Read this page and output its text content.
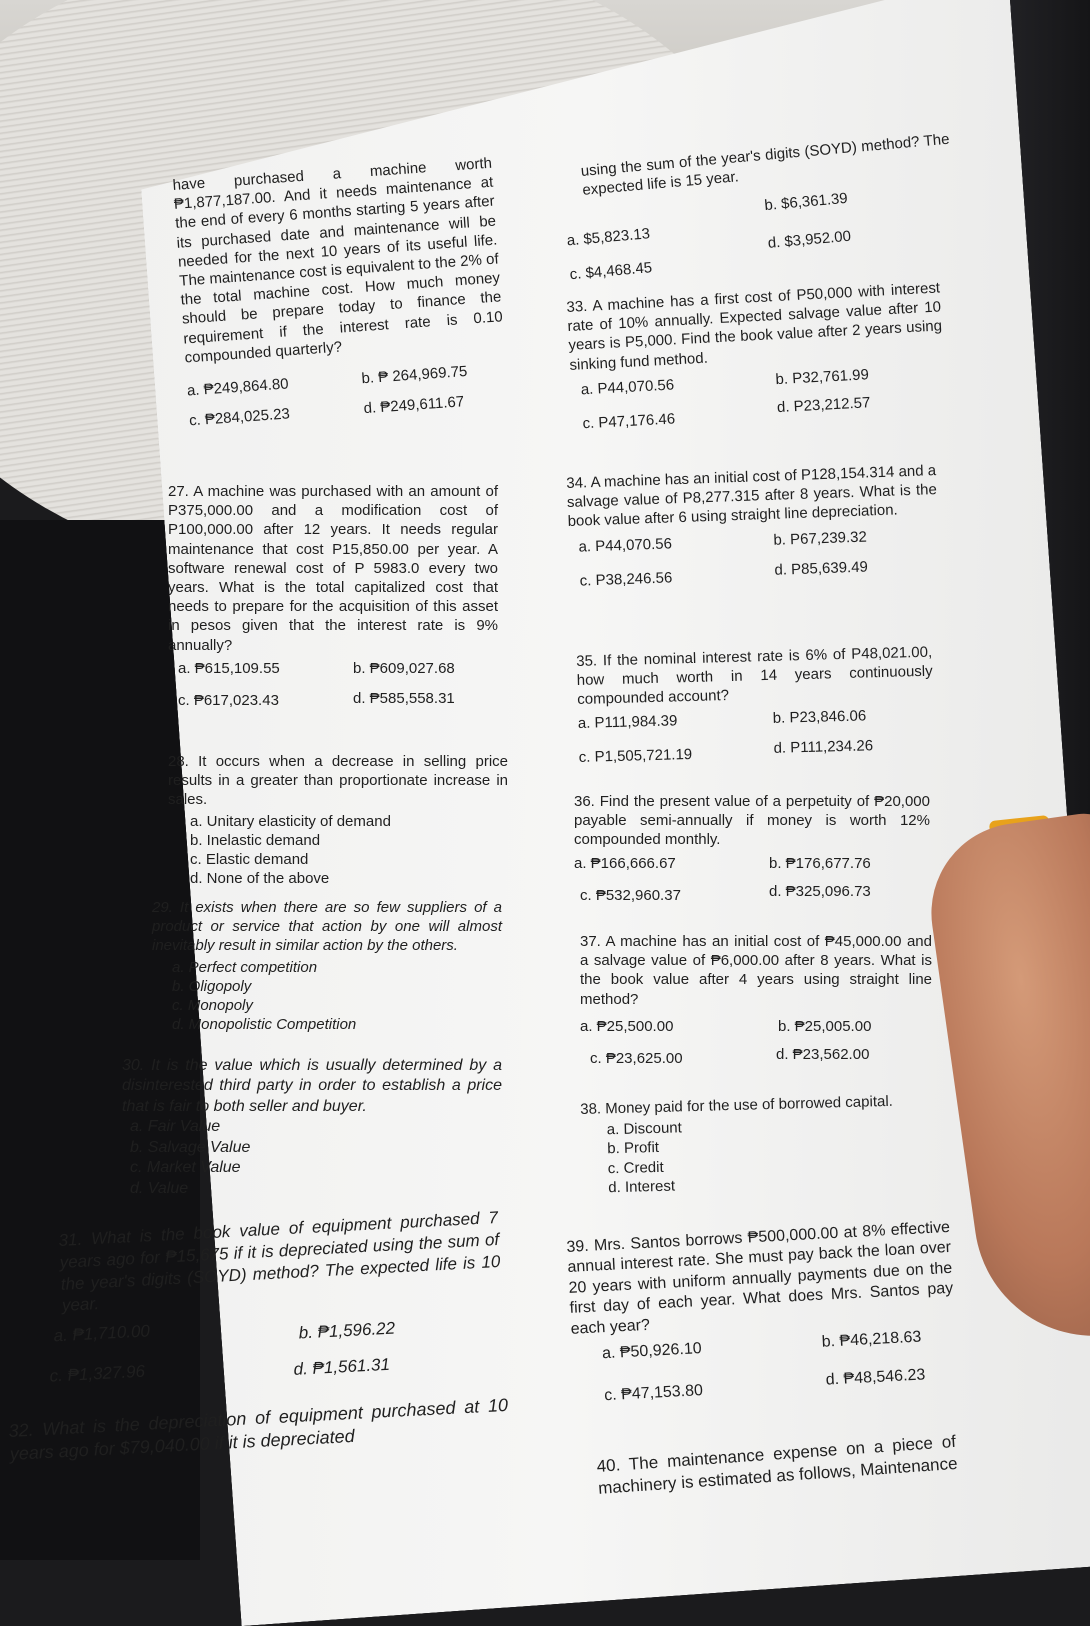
have purchased a machine worth ₱1,877,187.00. And it needs maintenance at the end of every 6 months starting 5 years after its purchased date and maintenance will be needed for the next 10 years of its useful life. The maintenance cost is equivalent to the 2% of the total machine cost. How much money should be prepare today to finance the requirement if the interest rate is 0.10 compounded quarterly?

a. ₱249,864.80
b. ₱ 264,969.75
c. ₱284,025.23
d. ₱249,611.67

27. A machine was purchased with an amount of P375,000.00 and a modification cost of P100,000.00 after 12 years. It needs regular maintenance that cost P15,850.00 per year. A software renewal cost of P 5983.0 every two years. What is the total capitalized cost that needs to prepare for the acquisition of this asset in pesos given that the interest rate is 9% annually?

a. ₱615,109.55	b. ₱609,027.68
c. ₱617,023.43	d. ₱585,558.31

28. It occurs when a decrease in selling price results in a greater than proportionate increase in sales.

a. Unitary elasticity of demand
b. Inelastic demand
c. Elastic demand
d. None of the above

29. It exists when there are so few suppliers of a product or service that action by one will almost inevitably result in similar action by the others.

a. Perfect competition
b. Oligopoly
c. Monopoly
d. Monopolistic Competition

30. It is the value which is usually determined by a disinterested third party in order to establish a price that is fair to both seller and buyer.

a. Fair Value
b. Salvage Value
c. Market Value
d. Value

31. What is the book value of equipment purchased 7 years ago for ₱15,675 if it is depreciated using the sum of the year's digits (SOYD) method? The expected life is 10 year.

a. ₱1,710.00	b. ₱1,596.22
c. ₱1,327.96	d. ₱1,561.31

32. What is the depreciation of equipment purchased at 10 years ago for $79,040.00 if it is depreciated

using the sum of the year's digits (SOYD) method? The expected life is 15 year.

a. $5,823.13
b. $6,361.39
c. $4,468.45
d. $3,952.00

33. A machine has a first cost of P50,000 with interest rate of 10% annually. Expected salvage value after 10 years is P5,000. Find the book value after 2 years using sinking fund method.

a. P44,070.56	b. P32,761.99
c. P47,176.46
d. P23,212.57

34. A machine has an initial cost of P128,154.314 and a salvage value of P8,277.315 after 8 years. What is the book value after 6 using straight line depreciation.

a. P44,070.56	b. P67,239.32
c. P38,246.56
d. P85,639.49

35. If the nominal interest rate is 6% of P48,021.00, how much worth in 14 years continuously compounded account?

a. P111,984.39	b. P23,846.06
c. P1,505,721.19	d. P111,234.26

36. Find the present value of a perpetuity of ₱20,000 payable semi-annually if money is worth 12% compounded monthly.

a. ₱166,666.67	b. ₱176,677.76
c. ₱532,960.37	d. ₱325,096.73

37. A machine has an initial cost of ₱45,000.00 and a salvage value of ₱6,000.00 after 8 years. What is the book value after 4 years using straight line method?

a. ₱25,500.00	b. ₱25,005.00
c. ₱23,625.00	d. ₱23,562.00

38. Money paid for the use of borrowed capital.

a. Discount
b. Profit
c. Credit
d. Interest

39. Mrs. Santos borrows ₱500,000.00 at 8% effective annual interest rate. She must pay back the loan over 20 years with uniform annually payments due on the first day of each year. What does Mrs. Santos pay each year?

a. ₱50,926.10
b. ₱46,218.63
c. ₱47,153.80
d. ₱48,546.23

40. The maintenance expense on a piece of machinery is estimated as follows, Maintenance
